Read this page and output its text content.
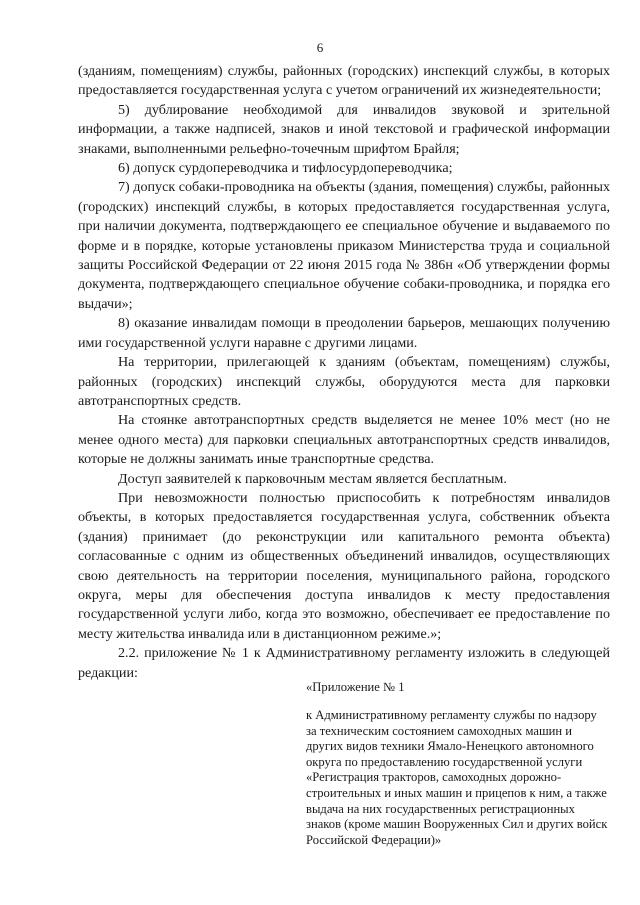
6

(зданиям, помещениям) службы, районных (городских) инспекций службы, в которых предоставляется государственная услуга с учетом ограничений их жизнедеятельности;

5) дублирование необходимой для инвалидов звуковой и зрительной информации, а также надписей, знаков и иной текстовой и графической информации знаками, выполненными рельефно-точечным шрифтом Брайля;

6) допуск сурдопереводчика и тифлосурдопереводчика;

7) допуск собаки-проводника на объекты (здания, помещения) службы, районных (городских) инспекций службы, в которых предоставляется государственная услуга, при наличии документа, подтверждающего ее специальное обучение и выдаваемого по форме и в порядке, которые установлены приказом Министерства труда и социальной защиты Российской Федерации от 22 июня 2015 года № 386н «Об утверждении формы документа, подтверждающего специальное обучение собаки-проводника, и порядка его выдачи»;

8) оказание инвалидам помощи в преодолении барьеров, мешающих получению ими государственной услуги наравне с другими лицами.

На территории, прилегающей к зданиям (объектам, помещениям) службы, районных (городских) инспекций службы, оборудуются места для парковки автотранспортных средств.

На стоянке автотранспортных средств выделяется не менее 10% мест (но не менее одного места) для парковки специальных автотранспортных средств инвалидов, которые не должны занимать иные транспортные средства.

Доступ заявителей к парковочным местам является бесплатным.

При невозможности полностью приспособить к потребностям инвалидов объекты, в которых предоставляется государственная услуга, собственник объекта (здания) принимает (до реконструкции или капитального ремонта объекта) согласованные с одним из общественных объединений инвалидов, осуществляющих свою деятельность на территории поселения, муниципального района, городского округа, меры для обеспечения доступа инвалидов к месту предоставления государственной услуги либо, когда это возможно, обеспечивает ее предоставление по месту жительства инвалида или в дистанционном режиме.»;

2.2. приложение № 1 к Административному регламенту изложить в следующей редакции:

«Приложение № 1
к Административному регламенту службы по надзору за техническим состоянием самоходных машин и других видов техники Ямало-Ненецкого автономного округа по предоставлению государственной услуги «Регистрация тракторов, самоходных дорожно-строительных и иных машин и прицепов к ним, а также выдача на них государственных регистрационных знаков (кроме машин Вооруженных Сил и других войск Российской Федерации)»
